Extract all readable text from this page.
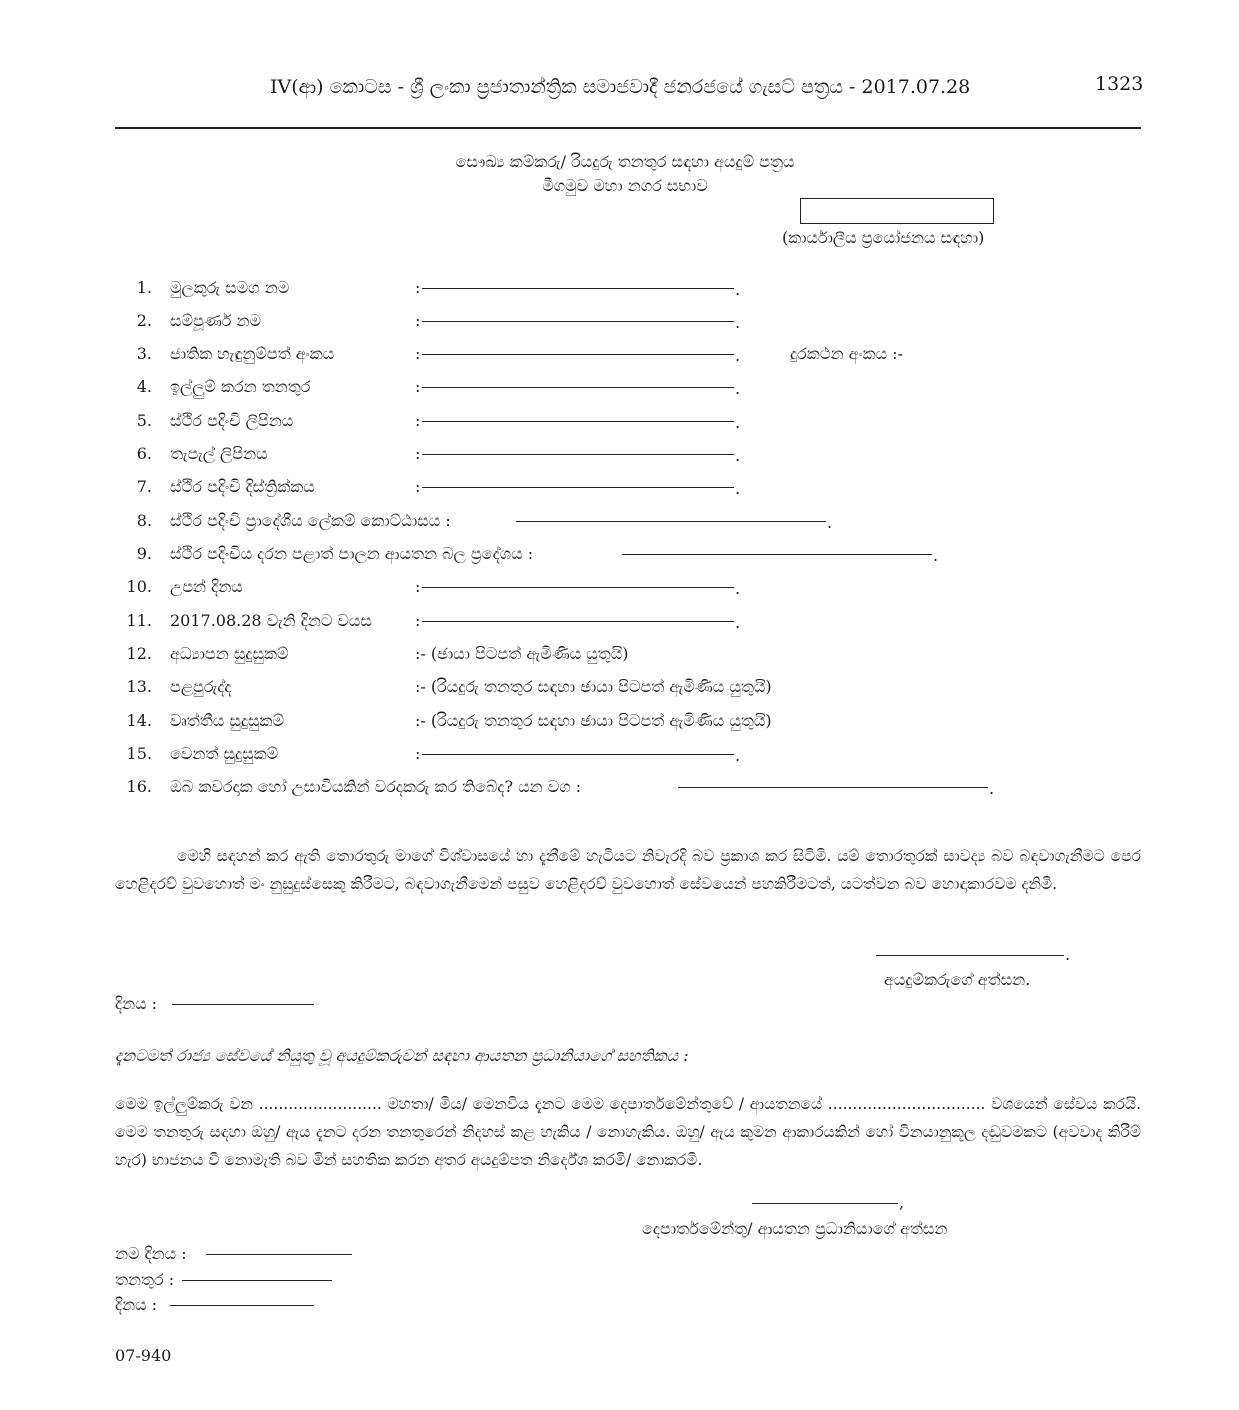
IV(ආ) කොටස - ශ්‍රී ලංකා ප්‍රජාතාන්ත්‍රික සමාජවාදී ජනරජයේ ගැසට් පත්‍රය - 2017.07.28	1323
සෞඛ්‍ය කම්කරු/ රියදුරු තනතුර සඳහා අයදුම් පත්‍රය
මීගමුව මහා නගර සභාව
(කාර්යාලීය ප්‍රයෝජනය සඳහා)
1. මුලකුරු සමග නම	:	.
2. සම්පූර්ණ නම	:	.
3. ජාතික හැඳුනුම්පත් අංකය	:	.	දුරකථන අංකය :-
4. ඉල්ලුම් කරන තනතුර	:	.
5. ස්ථිර පදිංචි ලිපිනය	:	.
6. තැපැල් ලිපිනය	:	.
7. ස්ථිර පදිංචි දිස්ත්‍රික්කය	:	.
8. ස්ථිර පදිංචි ප්‍රාදේශීය ලේකම් කොට්ඨාසය :	.
9. ස්ථිර පදිංචිය දරන පළාත් පාලන ආයතන බල ප්‍රදේශය :	.
10. උපන් දිනය	:	.
11. 2017.08.28 වැනි දිනට වයස	:	.
12. අධ්‍යාපන සුදුසුකම්	:- (ඡායා පිටපත් ඇමිණිය යුතුයි)
13. පළපුරුද්ද	:- (රියදුරු තනතුර සඳහා ඡායා පිටපත් ඇමිණිය යුතුයි)
14. වෘත්තීය සුදුසුකම්	:- (රියදුරු තනතුර සඳහා ඡායා පිටපත් ඇමිණිය යුතුයි)
15. වෙනත් සුදුසුකම්	:	.
16. ඔබ කවරදාක හෝ උසාවියකින් වරදකරු කර තිබේද? යන වග :	.
මෙහි සඳහන් කර ඇති තොරතුරු මාගේ විශ්වාසයේ හා දැනීමේ හැටියට නිවැරදි බව ප්‍රකාශ කර සිටිමි. යම් තොරතුරක් සාවද්‍ය බව බඳවාගැනීමට පෙර හෙළිදරව් වුවහොත් මං නුසුදුස්සෙකු කිරීමට, බඳවාගැනීමෙන් පසුව හෙළිදරව් වුවහොත් සේවයෙන් පහකිරීමටත්, යටත්වන බව හොඳාකාරවම දනිමි.
.
අයදුම්කරුගේ අත්සන.
දිනය :
දැනටමත් රාජ්‍ය සේවයේ නියුතු වූ අයදුම්කරුවන් සඳහා ආයතන ප්‍රධානියාගේ සහතිකය :
මෙම ඉල්ලුම්කරු වන ......................... මහතා/ මිය/ මෙනවිය දැනට මෙම දෙපාර්තමේන්තුවේ / ආයතනයේ ................................ වශයෙන් සේවය කරයි. මෙම තනතුරු සඳහා ඔහු/ ඇය දැනට දරන තනතුරෙන් නිදහස් කළ හැකිය / නොහැකිය. ඔහු/ ඇය කුමන ආකාරයකින් හෝ විනයානුකූල දඬුවමකට (අවවාද කිරීම් හැර) භාජනය වී නොමැති බව මින් සහතික කරන අතර අයදුම්පත නිර්දේශ කරමි/ නොකරමි.
,
දෙපාර්තමේන්තු/ ආයතන ප්‍රධානියාගේ අත්සන
නම දිනය :
තනතුර :
දිනය :
07-940
